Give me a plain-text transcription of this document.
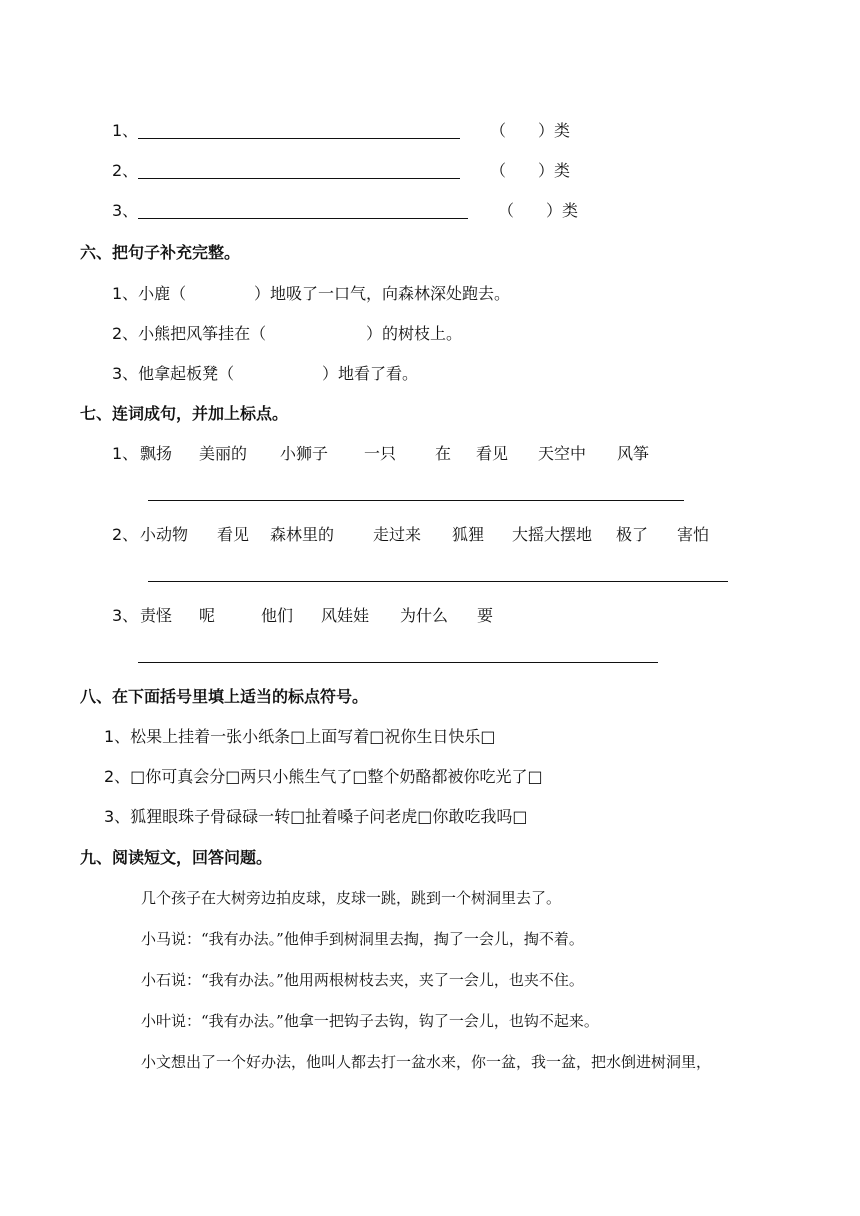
1、	（ ）类
2、	（ ）类
3、	（ ）类
六、把句子补充完整。
1、小鹿（	）地吸了一口气，向森林深处跑去。
2、小熊把风筝挂在（	）的树枝上。
3、他拿起板凳（	）地看了看。
七、连词成句，并加上标点。
1、 飘扬 美丽的 小狮子 一只 在 看见 天空中 风筝
2、 小动物 看见 森林里的 走过来 狐狸 大摇大摆地 极了 害怕
3、 责怪 呢	他们 风娃娃 为什么 要
八、在下面括号里填上适当的标点符号。
1、松果上挂着一张小纸条□上面写着□祝你生日快乐□
2、□你可真会分□两只小熊生气了□整个奶酪都被你吃光了□
3、狐狸眼珠子骨碌碌一转□扯着嗓子问老虎□你敢吃我吗□
九、阅读短文，回答问题。
几个孩子在大树旁边拍皮球，皮球一跳，跳到一个树洞里去了。
小马说：“我有办法。”他伸手到树洞里去掏，掏了一会儿，掏不着。
小石说：“我有办法。”他用两根树枝去夹，夹了一会儿，也夹不住。
小叶说：“我有办法。”他拿一把钩子去钩，钩了一会儿，也钩不起来。
小文想出了一个好办法，他叫人都去打一盆水来，你一盆，我一盆，把水倒进树洞里，
